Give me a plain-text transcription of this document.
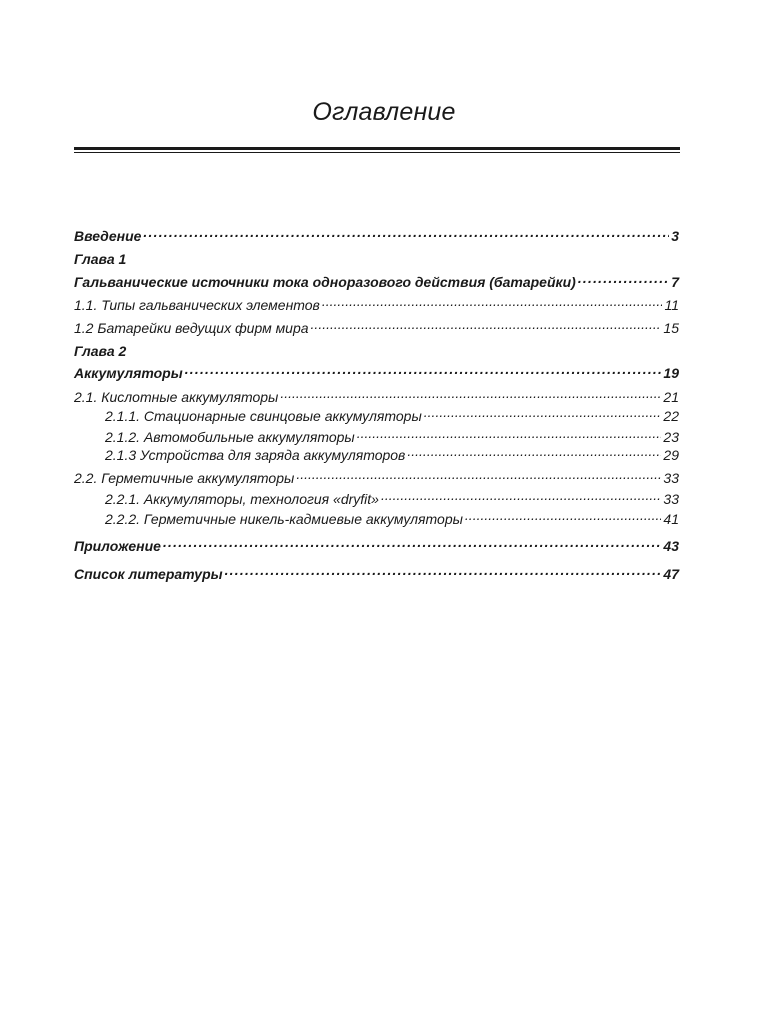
Оглавление
Введение .....	3
Глава 1
Гальванические источники тока одноразового действия (батарейки) .....	7
1.1. Типы гальванических элементов .....	11
1.2 Батарейки ведущих фирм мира .....	15
Глава 2
Аккумуляторы .....	19
2.1. Кислотные аккумуляторы .....	21
2.1.1. Стационарные свинцовые аккумуляторы .....	22
2.1.2. Автомобильные аккумуляторы .....	23
2.1.3 Устройства для заряда аккумуляторов .....	29
2.2. Герметичные аккумуляторы .....	33
2.2.1. Аккумуляторы, технология «dryfit» .....	33
2.2.2. Герметичные никель-кадмиевые аккумуляторы .....	41
Приложение .....	43
Список литературы .....	47
